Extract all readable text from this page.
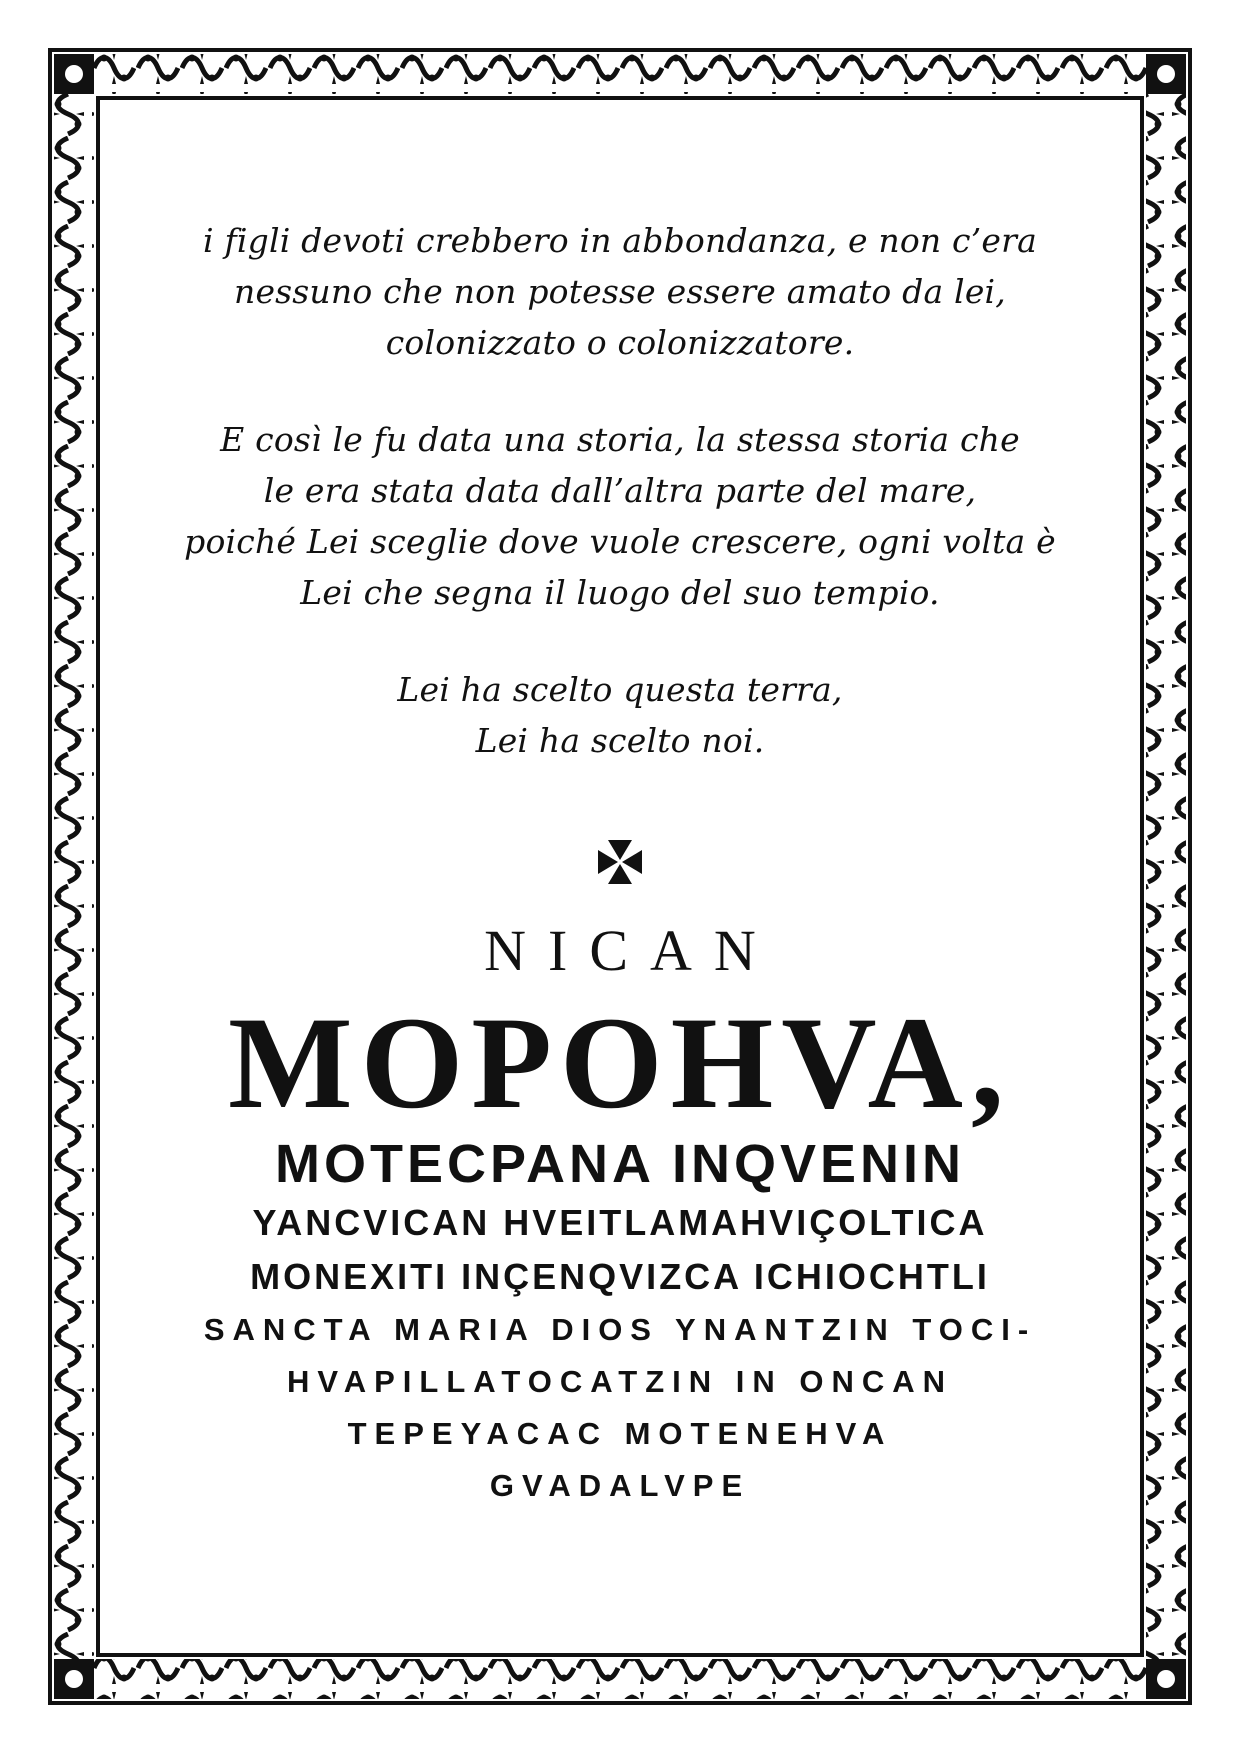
i figli devoti crebbero in abbondanza, e non c’era
nessuno che non potesse essere amato da lei,
colonizzato o colonizzatore.

E così le fu data una storia, la stessa storia che
le era stata data dall’altra parte del mare,
poiché Lei sceglie dove vuole crescere, ogni volta è
Lei che segna il luogo del suo tempio.

Lei ha scelto questa terra,
Lei ha scelto noi.

NICAN
MOPOHVA,
MOTECPANA INQVENIN
YANCVICAN HVEITLAMAHVIÇOLTICA
MONEXITI INÇENQVIZCA ICHIOCHTLI
SANCTA MARIA DIOS YNANTZIN TOCI-
HVAPILLATOCATZIN IN ONCAN
TEPEYACAC MOTENEHVA
GVADALVPE
